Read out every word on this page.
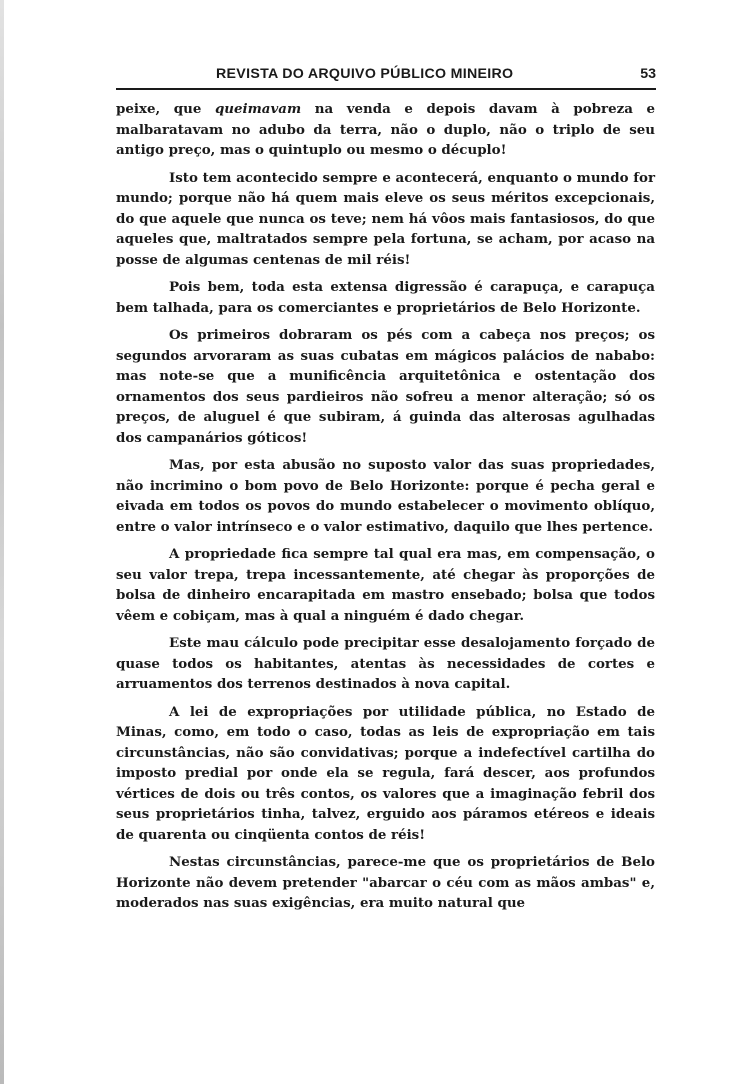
REVISTA DO ARQUIVO PÚBLICO MINEIRO	53

peixe, que queimavam na venda e depois davam à pobreza e malbaratavam no adubo da terra, não o duplo, não o triplo de seu antigo preço, mas o quintuplo ou mesmo o décuplo!

Isto tem acontecido sempre e acontecerá, enquanto o mundo for mundo; porque não há quem mais eleve os seus méritos excepcionais, do que aquele que nunca os teve; nem há vôos mais fantasiosos, do que aqueles que, maltratados sempre pela fortuna, se acham, por acaso na posse de algumas centenas de mil réis!

Pois bem, toda esta extensa digressão é carapuça, e carapuça bem talhada, para os comerciantes e proprietários de Belo Horizonte.

Os primeiros dobraram os pés com a cabeça nos preços; os segundos arvoraram as suas cubatas em mágicos palácios de nababo: mas note-se que a munificência arquitetônica e ostentação dos ornamentos dos seus pardieiros não sofreu a menor alteração; só os preços, de aluguel é que subiram, á guinda das alterosas agulhadas dos campanários góticos!

Mas, por esta abusão no suposto valor das suas propriedades, não incrimino o bom povo de Belo Horizonte: porque é pecha geral e eivada em todos os povos do mundo estabelecer o movimento oblíquo, entre o valor intrínseco e o valor estimativo, daquilo que lhes pertence.

A propriedade fica sempre tal qual era mas, em compensação, o seu valor trepa, trepa incessantemente, até chegar às proporções de bolsa de dinheiro encarapitada em mastro ensebado; bolsa que todos vêem e cobiçam, mas à qual a ninguém é dado chegar.

Este mau cálculo pode precipitar esse desalojamento forçado de quase todos os habitantes, atentas às necessidades de cortes e arruamentos dos terrenos destinados à nova capital.

A lei de expropriações por utilidade pública, no Estado de Minas, como, em todo o caso, todas as leis de expropriação em tais circunstâncias, não são convidativas; porque a indefectível cartilha do imposto predial por onde ela se regula, fará descer, aos profundos vértices de dois ou três contos, os valores que a imaginação febril dos seus proprietários tinha, talvez, erguido aos páramos etéreos e ideais de quarenta ou cinqüenta contos de réis!

Nestas circunstâncias, parece-me que os proprietários de Belo Horizonte não devem pretender "abarcar o céu com as mãos ambas" e, moderados nas suas exigências, era muito natural que
